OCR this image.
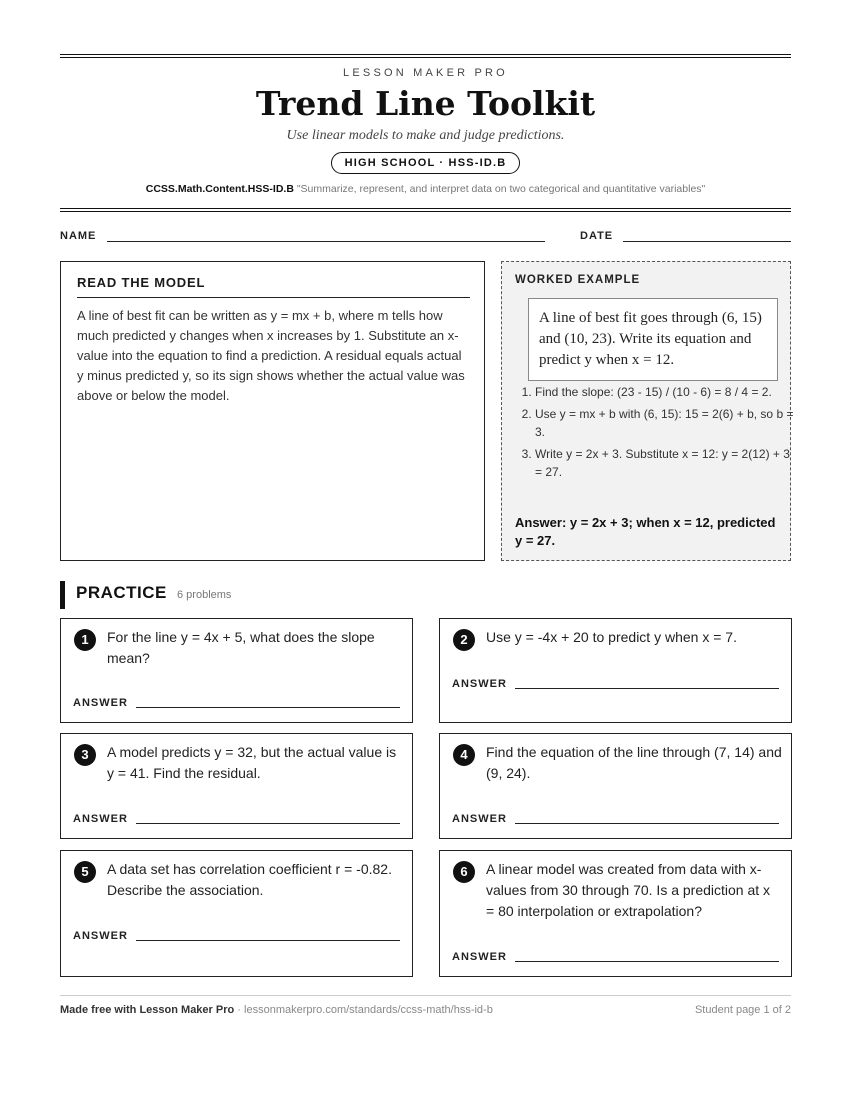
LESSON MAKER PRO
Trend Line Toolkit
Use linear models to make and judge predictions.
HIGH SCHOOL · HSS-ID.B
CCSS.Math.Content.HSS-ID.B "Summarize, represent, and interpret data on two categorical and quantitative variables"
NAME	DATE
READ THE MODEL
A line of best fit can be written as y = mx + b, where m tells how much predicted y changes when x increases by 1. Substitute an x-value into the equation to find a prediction. A residual equals actual y minus predicted y, so its sign shows whether the actual value was above or below the model.
WORKED EXAMPLE
A line of best fit goes through (6, 15) and (10, 23). Write its equation and predict y when x = 12.
1. Find the slope: (23 - 15) / (10 - 6) = 8 / 4 = 2.
2. Use y = mx + b with (6, 15): 15 = 2(6) + b, so b = 3.
3. Write y = 2x + 3. Substitute x = 12: y = 2(12) + 3 = 27.
Answer: y = 2x + 3; when x = 12, predicted y = 27.
PRACTICE 6 problems
1	For the line y = 4x + 5, what does the slope mean?
ANSWER
2	Use y = -4x + 20 to predict y when x = 7.
ANSWER
3	A model predicts y = 32, but the actual value is y = 41. Find the residual.
ANSWER
4	Find the equation of the line through (7, 14) and (9, 24).
ANSWER
5	A data set has correlation coefficient r = -0.82. Describe the association.
ANSWER
6	A linear model was created from data with x-values from 30 through 70. Is a prediction at x = 80 interpolation or extrapolation?
ANSWER
Made free with Lesson Maker Pro · lessonmakerpro.com/standards/ccss-math/hss-id-b	Student page 1 of 2
